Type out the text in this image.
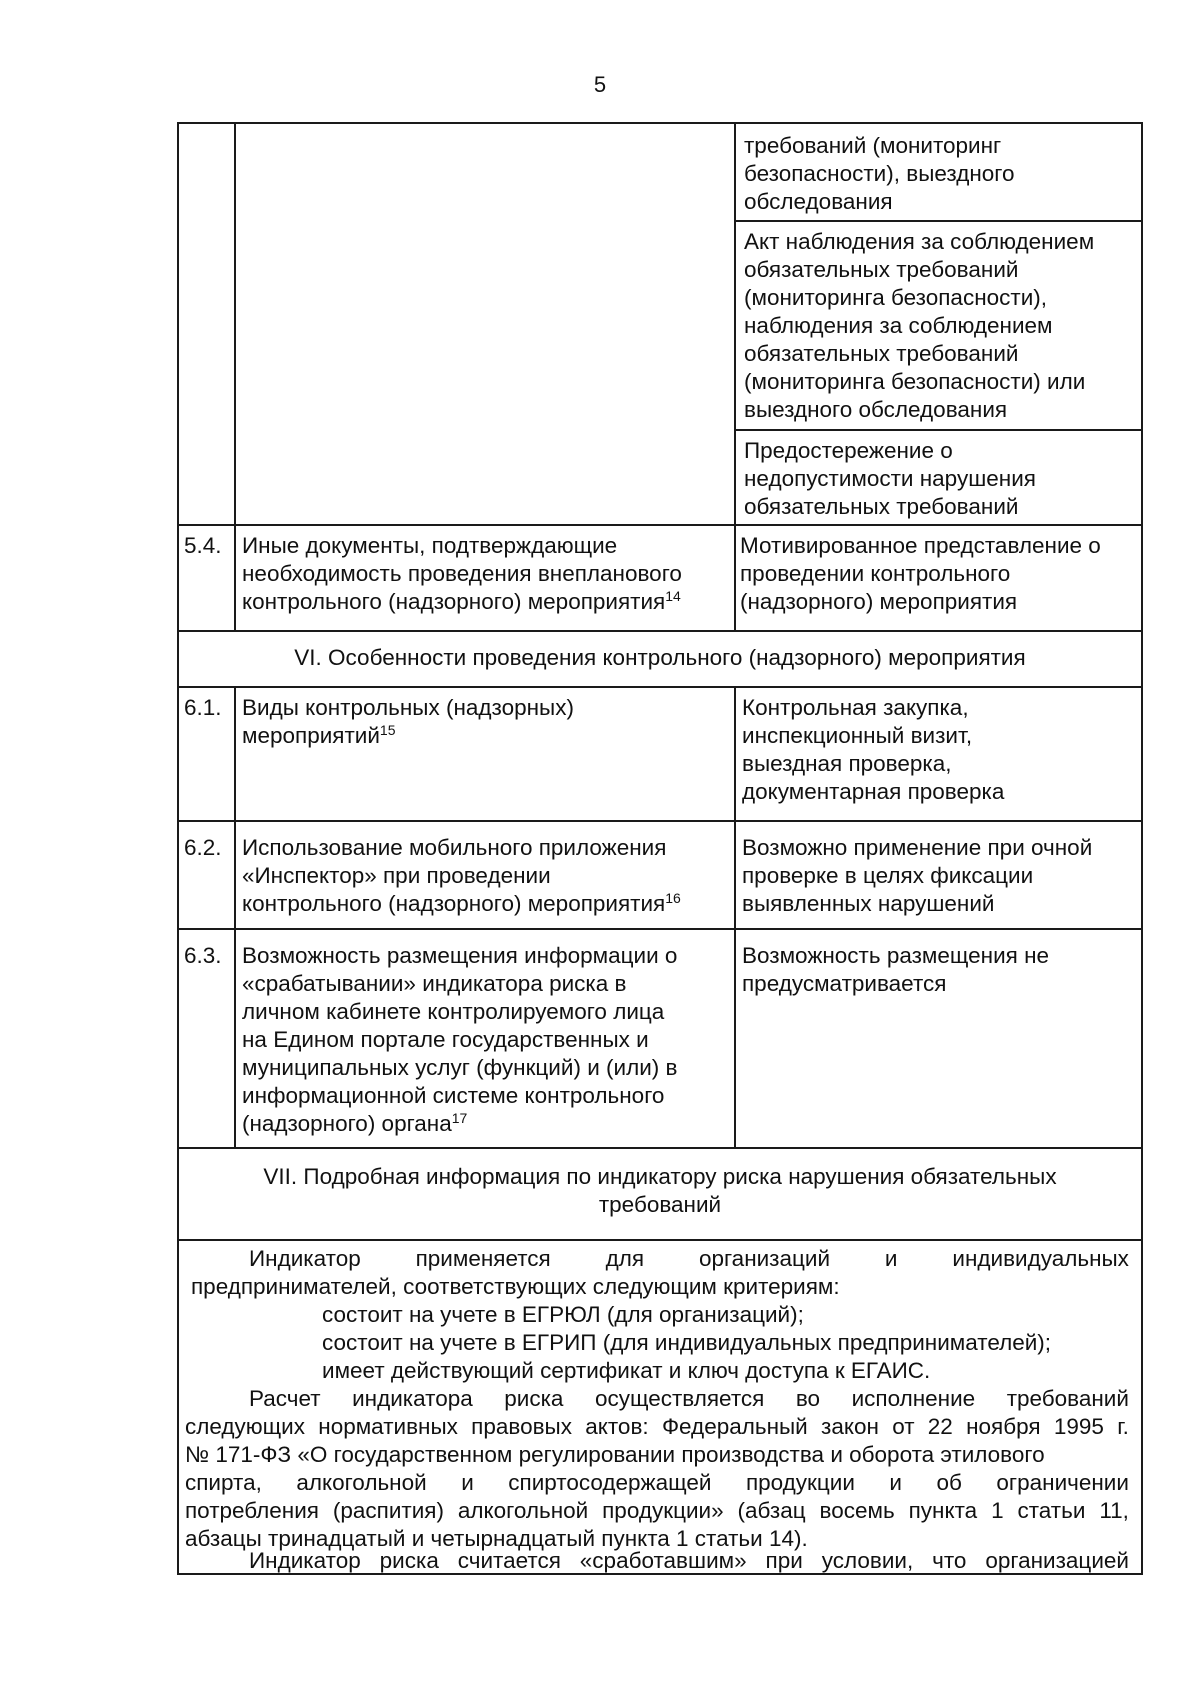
5
требований (мониторинг
безопасности), выездного
обследования
Акт наблюдения за соблюдением
обязательных требований
(мониторинга безопасности),
наблюдения за соблюдением
обязательных требований
(мониторинга безопасности) или
выездного обследования
Предостережение о
недопустимости нарушения
обязательных требований
5.4. Иные документы, подтверждающие
необходимость проведения внепланового
контрольного (надзорного) мероприятия$^{14}$
Мотивированное представление о
проведении контрольного
(надзорного) мероприятия
VI. Особенности проведения контрольного (надзорного) мероприятия
6.1. Виды контрольных (надзорных)
мероприятий$^{15}$
Контрольная закупка,
инспекционный визит,
выездная проверка,
документарная проверка
6.2. Использование мобильного приложения
«Инспектор» при проведении
контрольного (надзорного) мероприятия$^{16}$
Возможно применение при очной
проверке в целях фиксации
выявленных нарушений
6.3. Возможность размещения информации о
«срабатывании» индикатора риска в
личном кабинете контролируемого лица
на Едином портале государственных и
муниципальных услуг (функций) и (или) в
информационной системе контрольного
(надзорного) органа$^{17}$
Возможность размещения не
предусматривается
VII. Подробная информация по индикатору риска нарушения обязательных
требований
Индикатор применяется для организаций и индивидуальных
предпринимателей, соответствующих следующим критериям:
состоит на учете в ЕГРЮЛ (для организаций);
состоит на учете в ЕГРИП (для индивидуальных предпринимателей);
имеет действующий сертификат и ключ доступа к ЕГАИС.
Расчет индикатора риска осуществляется во исполнение требований
следующих нормативных правовых актов: Федеральный закон от 22 ноября 1995 г.
№ 171-ФЗ «О государственном регулировании производства и оборота этилового
спирта, алкогольной и спиртосодержащей продукции и об ограничении
потребления (распития) алкогольной продукции» (абзац восемь пункта 1 статьи 11,
абзацы тринадцатый и четырнадцатый пункта 1 статьи 14).
Индикатор риска считается «сработавшим» при условии, что организацией
